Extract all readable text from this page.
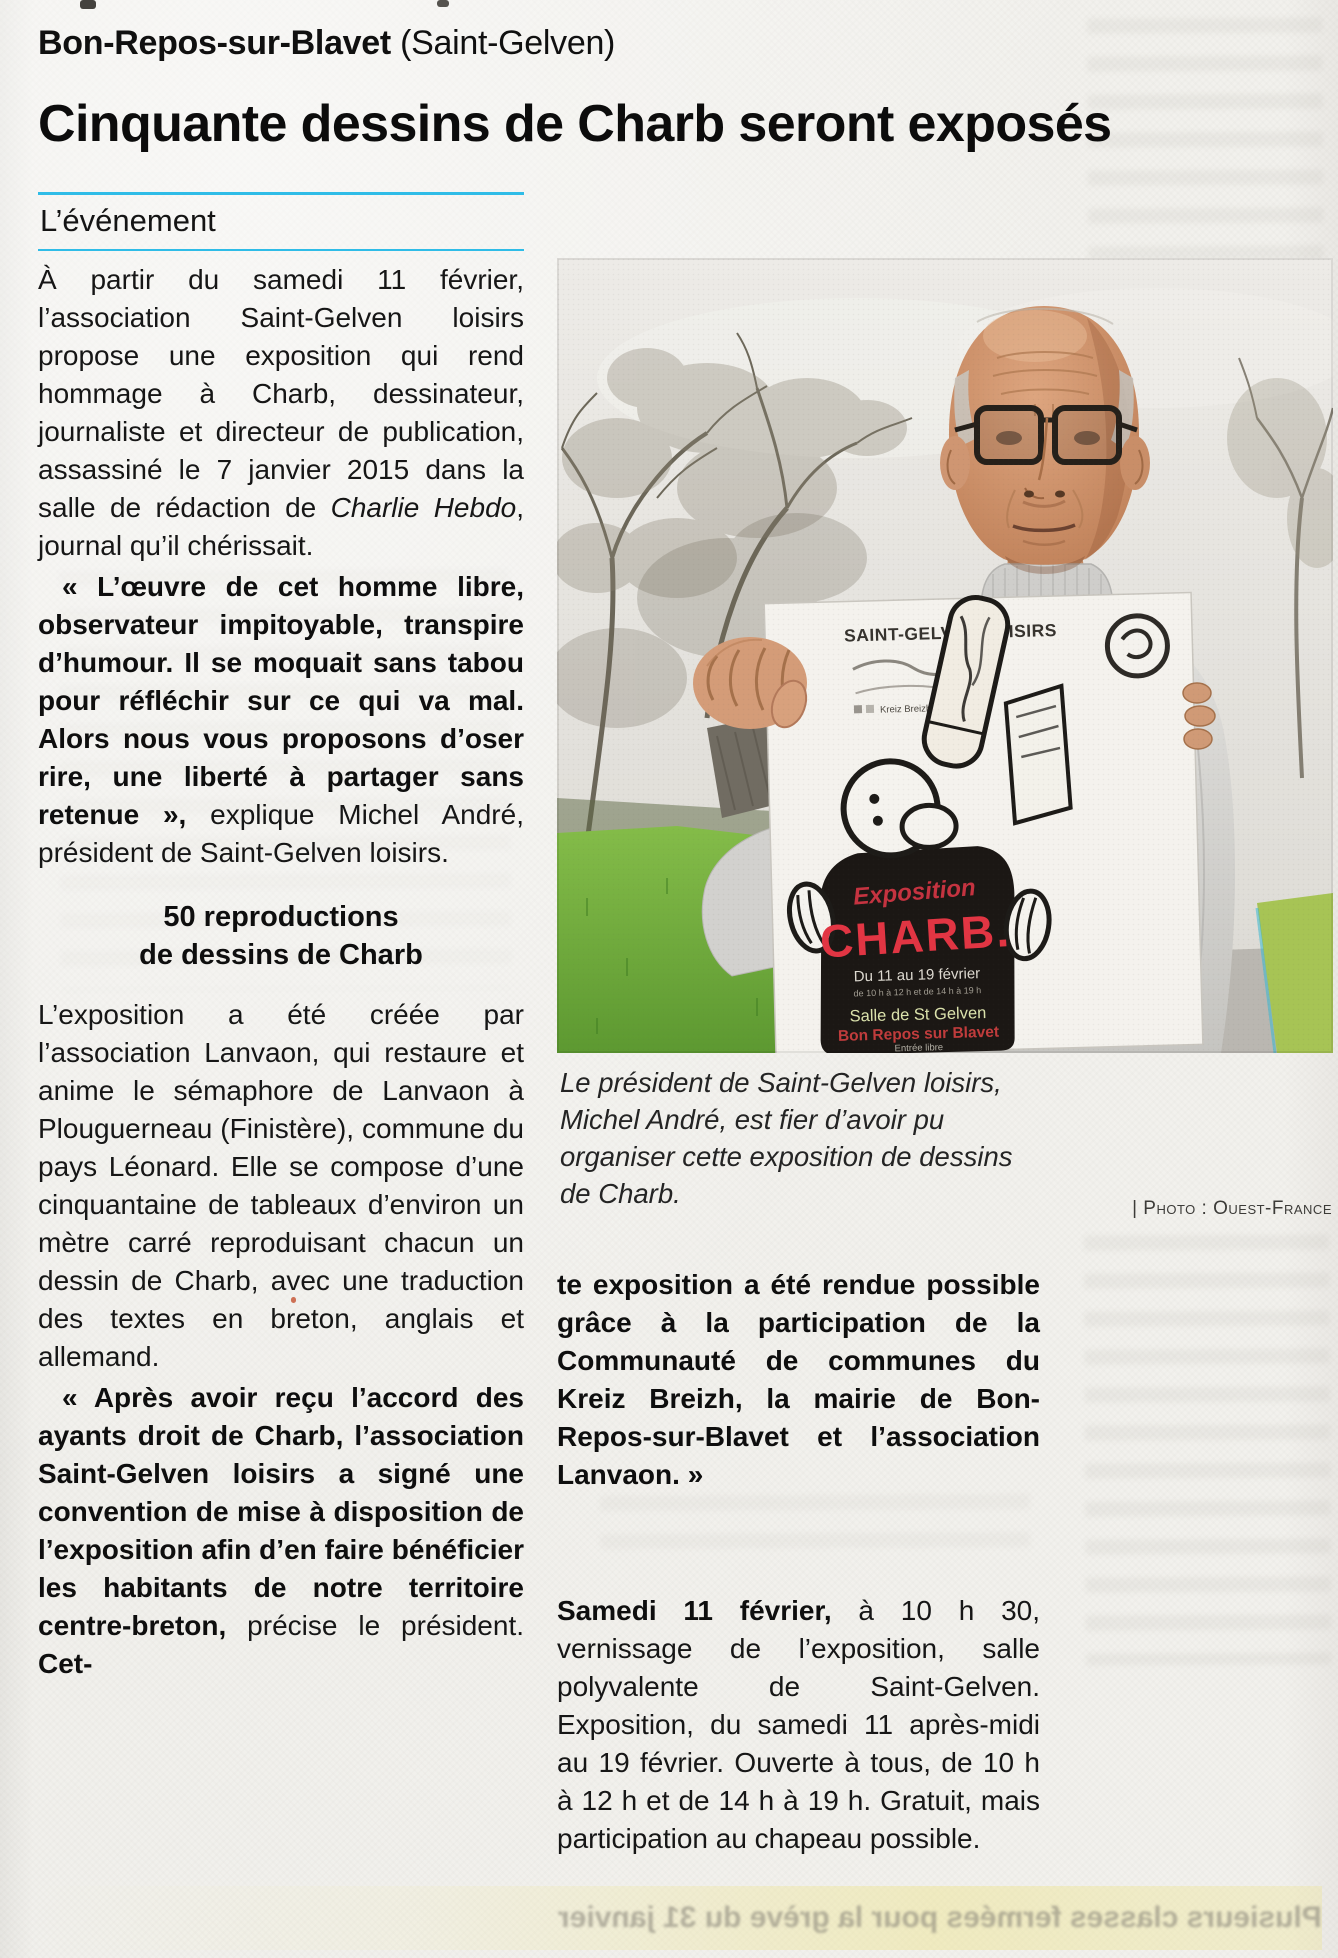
Bon-Repos-sur-Blavet (Saint-Gelven)
Cinquante dessins de Charb seront exposés
L’événement

À partir du samedi 11 février, l’association Saint-Gelven loisirs propose une exposition qui rend hommage à Charb, dessinateur, journaliste et directeur de publication, assassiné le 7 janvier 2015 dans la salle de rédaction de Charlie Hebdo, journal qu’il chérissait.

« L’œuvre de cet homme libre, observateur impitoyable, transpire d’humour. Il se moquait sans tabou pour réfléchir sur ce qui va mal. Alors nous vous proposons d’oser rire, une liberté à partager sans retenue », explique Michel André, président de Saint-Gelven loisirs.

50 reproductions
de dessins de Charb

L’exposition a été créée par l’association Lanvaon, qui restaure et anime le sémaphore de Lanvaon à Plouguerneau (Finistère), commune du pays Léonard. Elle se compose d’une cinquantaine de tableaux d’environ un mètre carré reproduisant chacun un dessin de Charb, avec une traduction des textes en breton, anglais et allemand.

« Après avoir reçu l’accord des ayants droit de Charb, l’association Saint-Gelven loisirs a signé une convention de mise à disposition de l’exposition afin d’en faire bénéficier les habitants de notre territoire centre-breton, précise le président. Cet-

Le président de Saint-Gelven loisirs, Michel André, est fier d’avoir pu organiser cette exposition de dessins de Charb.	| Photo : Ouest-France

te exposition a été rendue possible grâce à la participation de la Communauté de communes du Kreiz Breizh, la mairie de Bon-Repos-sur-Blavet et l’association Lanvaon. »

Samedi 11 février, à 10 h 30, vernissage de l’exposition, salle polyvalente de Saint-Gelven. Exposition, du samedi 11 après-midi au 19 février. Ouverte à tous, de 10 h à 12 h et de 14 h à 19 h. Gratuit, mais participation au chapeau possible.

Plusieurs classes fermées pour la grève du 31 janvier
